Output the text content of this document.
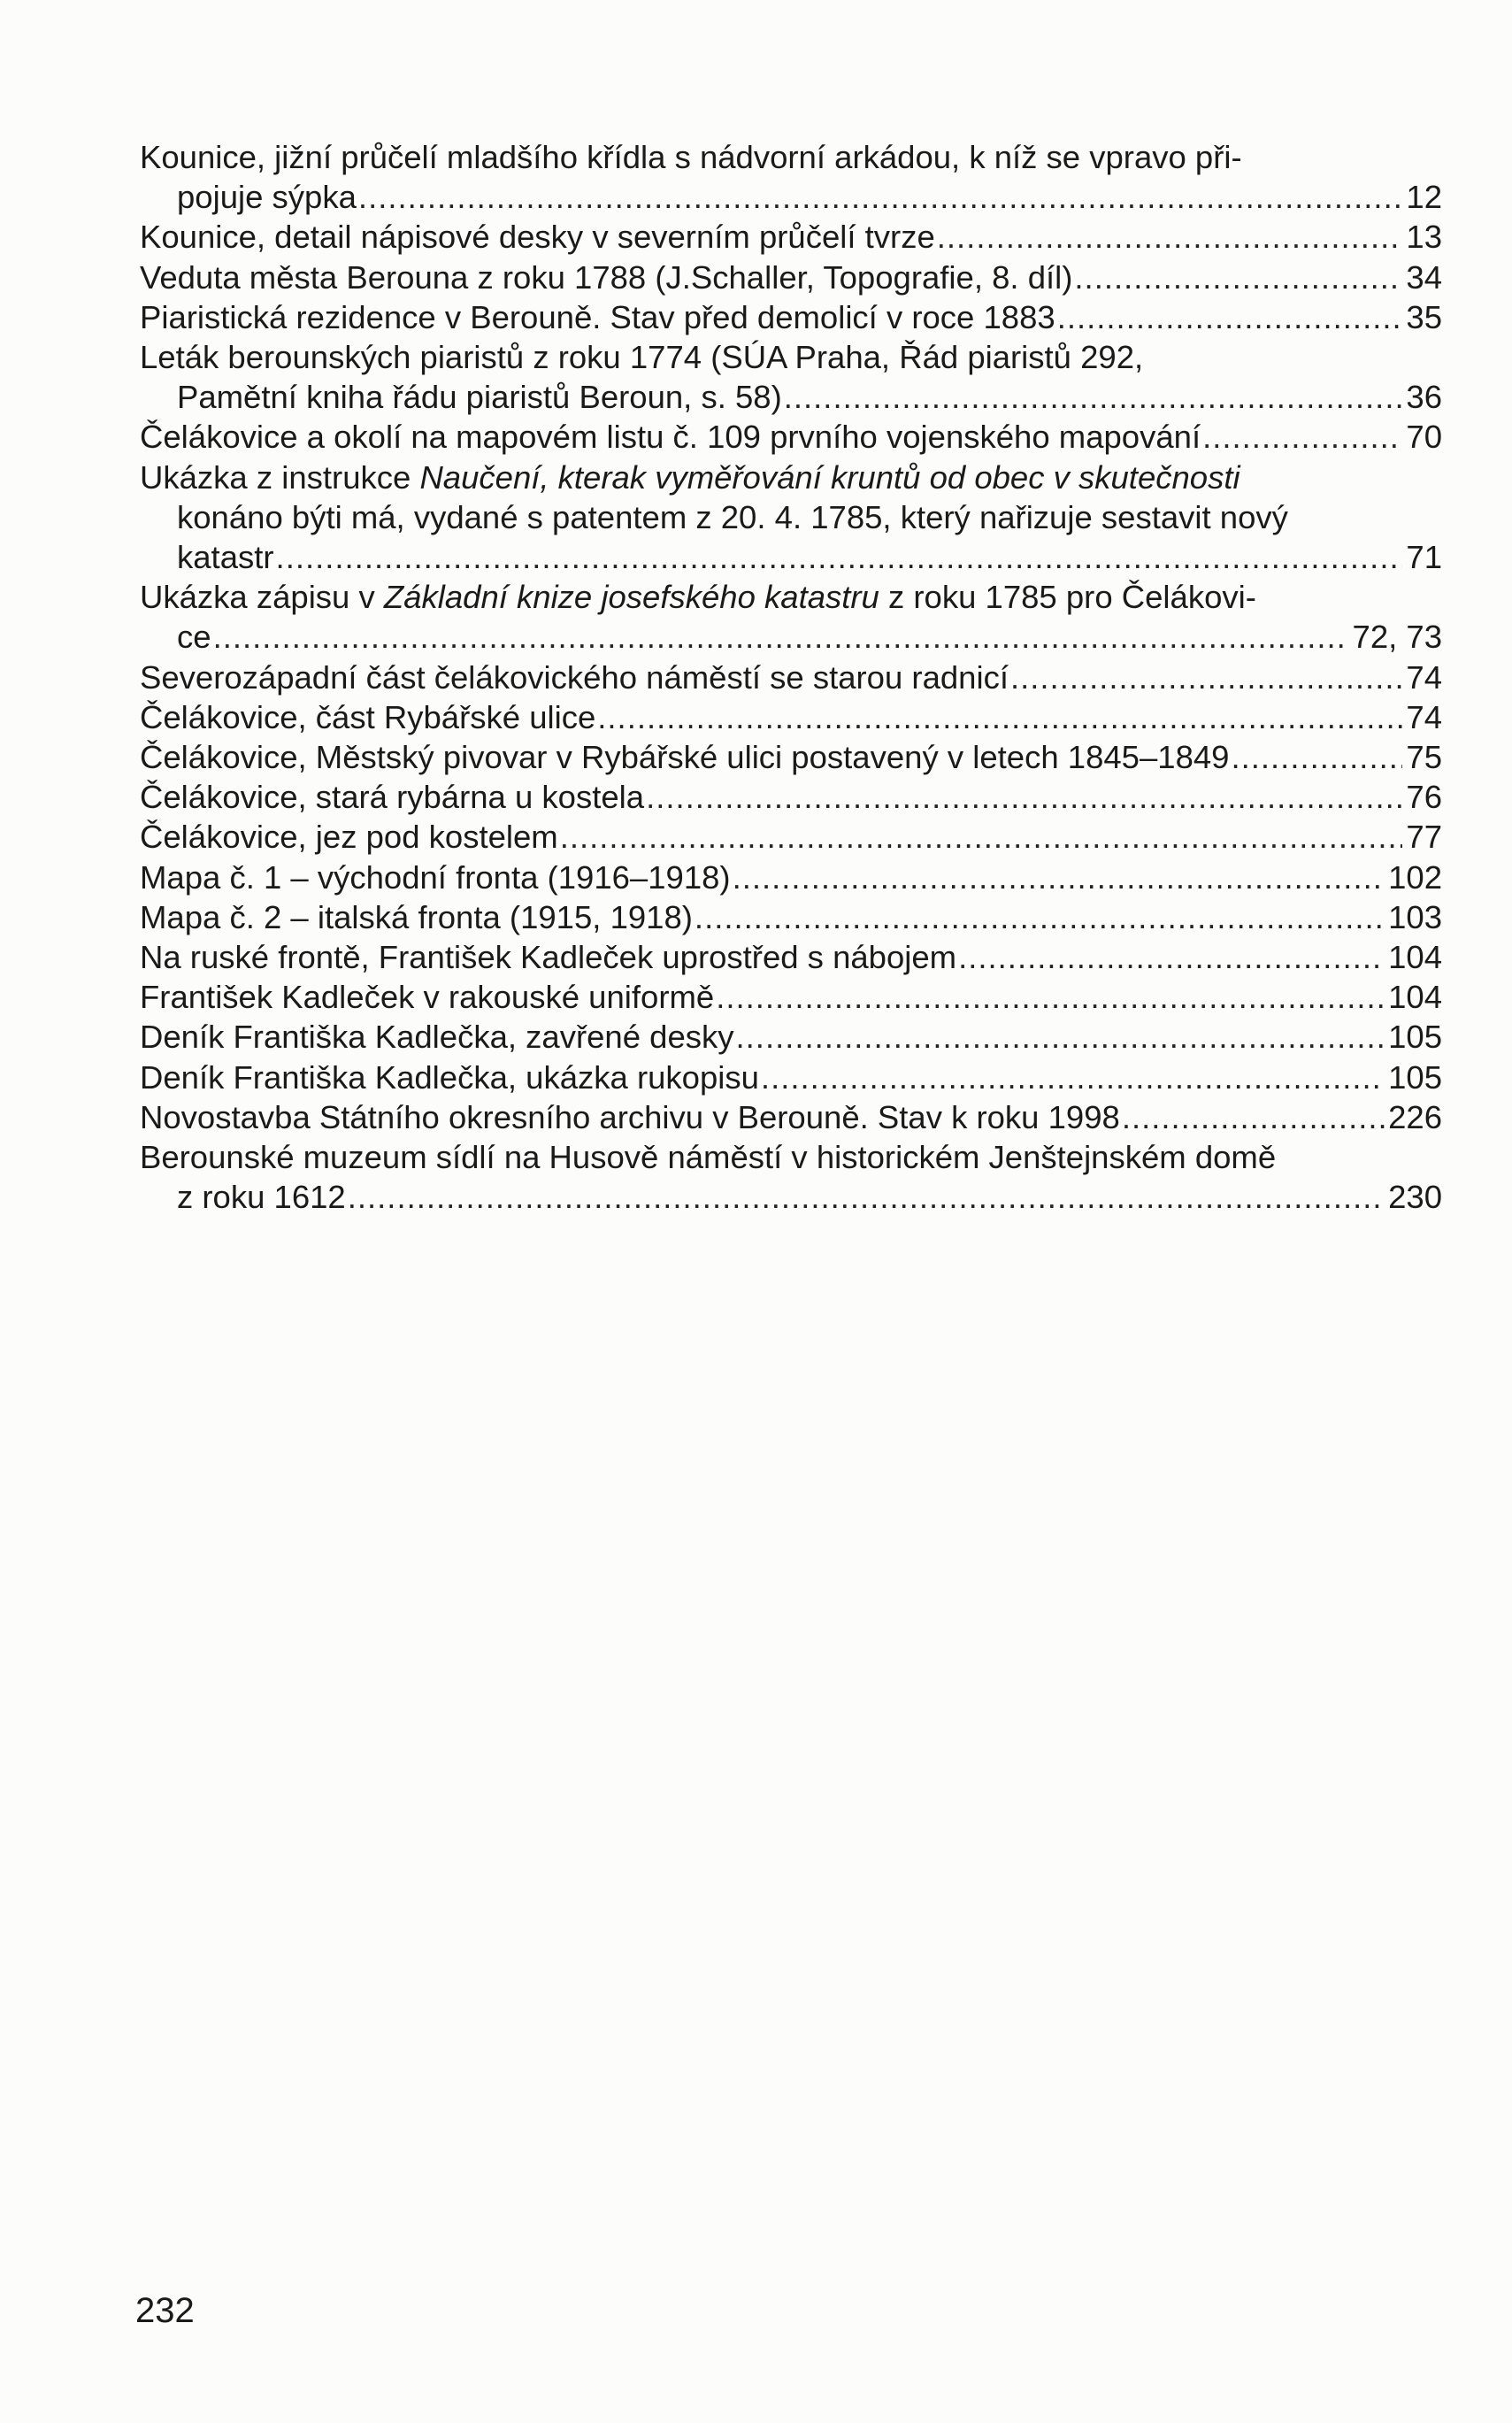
Kounice, jižní průčelí mladšího křídla s nádvorní arkádou, k níž se vpravo při-
pojuje sýpka .....	12
Kounice, detail nápisové desky v severním průčelí tvrze .....	13
Veduta města Berouna z roku 1788 (J.Schaller, Topografie, 8. díl) .....	34
Piaristická rezidence v Berouně. Stav před demolicí v roce 1883 .....	35
Leták berounských piaristů z roku 1774 (SÚA Praha, Řád piaristů 292,
Pamětní kniha řádu piaristů Beroun, s. 58) .....	36
Čelákovice a okolí na mapovém listu č. 109 prvního vojenského mapování .....	70
Ukázka z instrukce Naučení, kterak vyměřování kruntů od obec v skutečnosti
konáno býti má, vydané s patentem z 20. 4. 1785, který nařizuje sestavit nový
katastr .....	71
Ukázka zápisu v Základní knize josefského katastru z roku 1785 pro Čelákovi-
ce .....	72, 73
Severozápadní část čelákovického náměstí se starou radnicí .....	74
Čelákovice, část Rybářské ulice .....	74
Čelákovice, Městský pivovar v Rybářské ulici postavený v letech 1845–1849 .....	75
Čelákovice, stará rybárna u kostela .....	76
Čelákovice, jez pod kostelem .....	77
Mapa č. 1 – východní fronta (1916–1918) .....	102
Mapa č. 2 – italská fronta (1915, 1918) .....	103
Na ruské frontě, František Kadleček uprostřed s nábojem .....	104
František Kadleček v rakouské uniformě .....	104
Deník Františka Kadlečka, zavřené desky .....	105
Deník Františka Kadlečka, ukázka rukopisu .....	105
Novostavba Státního okresního archivu v Berouně. Stav k roku 1998 .....	226
Berounské muzeum sídlí na Husově náměstí v historickém Jenštejnském domě
z roku 1612 .....	230
232
